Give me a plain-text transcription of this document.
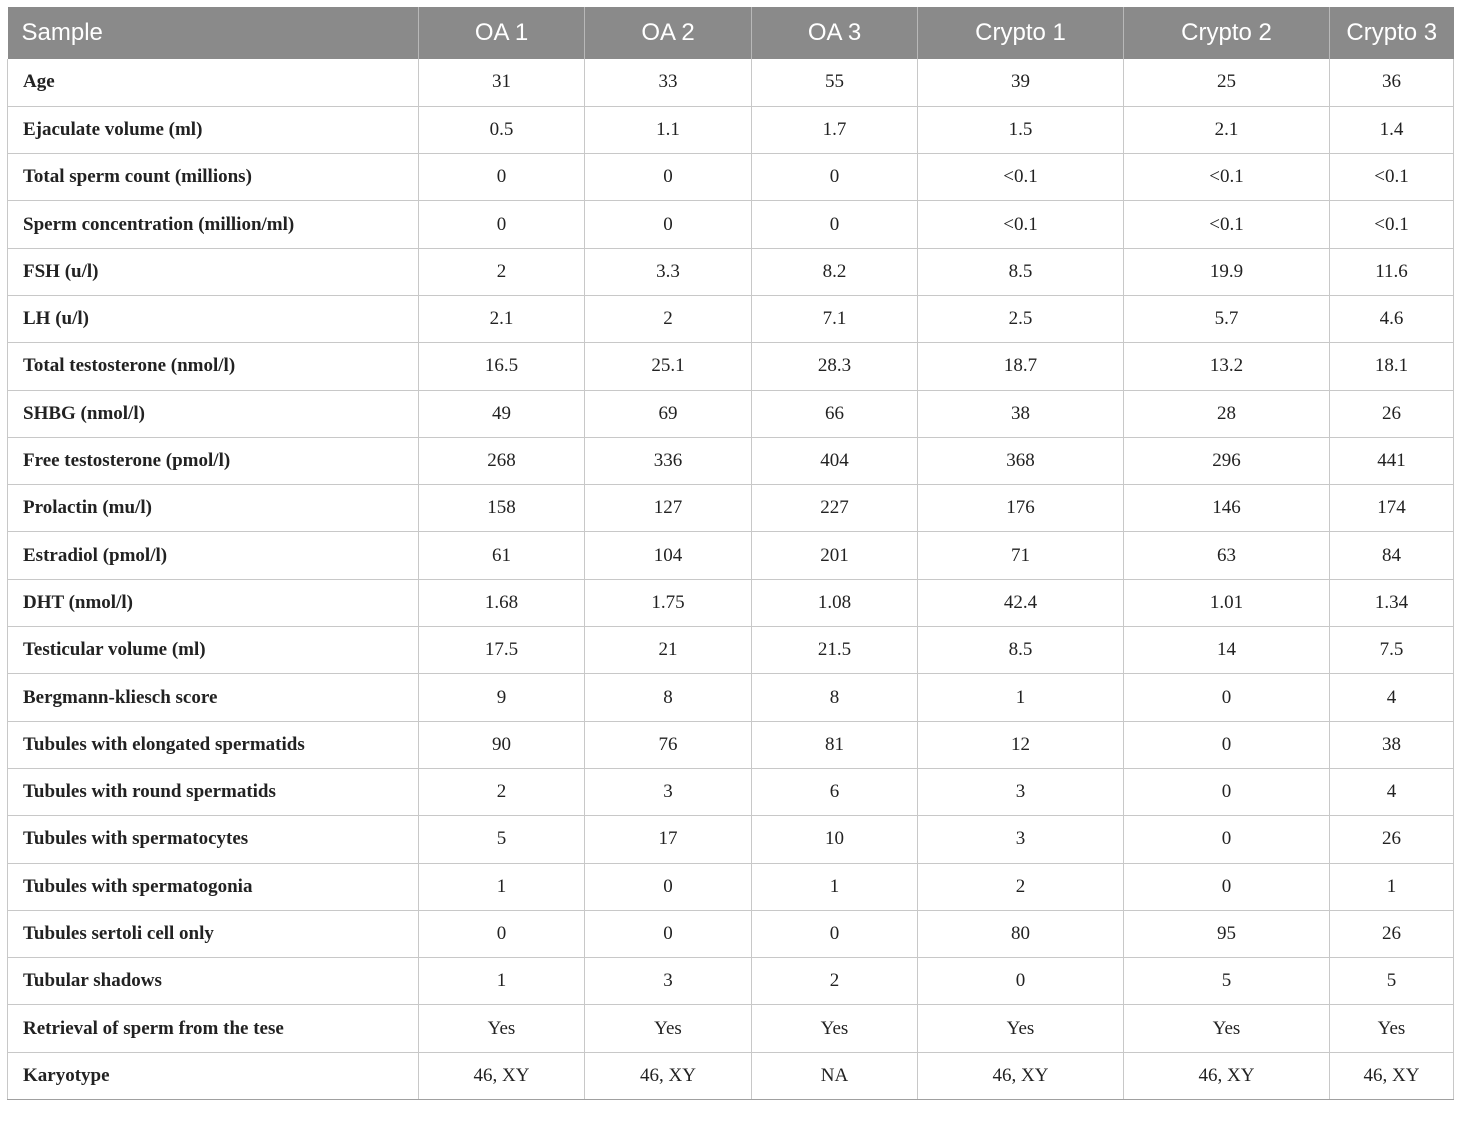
Sample	OA 1	OA 2	OA 3	Crypto 1	Crypto 2	Crypto 3
Age	31	33	55	39	25	36
Ejaculate volume (ml)	0.5	1.1	1.7	1.5	2.1	1.4
Total sperm count (millions)	0	0	0	<0.1	<0.1	<0.1
Sperm concentration (million/ml)	0	0	0	<0.1	<0.1	<0.1
FSH (u/l)	2	3.3	8.2	8.5	19.9	11.6
LH (u/l)	2.1	2	7.1	2.5	5.7	4.6
Total testosterone (nmol/l)	16.5	25.1	28.3	18.7	13.2	18.1
SHBG (nmol/l)	49	69	66	38	28	26
Free testosterone (pmol/l)	268	336	404	368	296	441
Prolactin (mu/l)	158	127	227	176	146	174
Estradiol (pmol/l)	61	104	201	71	63	84
DHT (nmol/l)	1.68	1.75	1.08	42.4	1.01	1.34
Testicular volume (ml)	17.5	21	21.5	8.5	14	7.5
Bergmann-kliesch score	9	8	8	1	0	4
Tubules with elongated spermatids	90	76	81	12	0	38
Tubules with round spermatids	2	3	6	3	0	4
Tubules with spermatocytes	5	17	10	3	0	26
Tubules with spermatogonia	1	0	1	2	0	1
Tubules sertoli cell only	0	0	0	80	95	26
Tubular shadows	1	3	2	0	5	5
Retrieval of sperm from the tese	Yes	Yes	Yes	Yes	Yes	Yes
Karyotype	46, XY	46, XY	NA	46, XY	46, XY	46, XY
